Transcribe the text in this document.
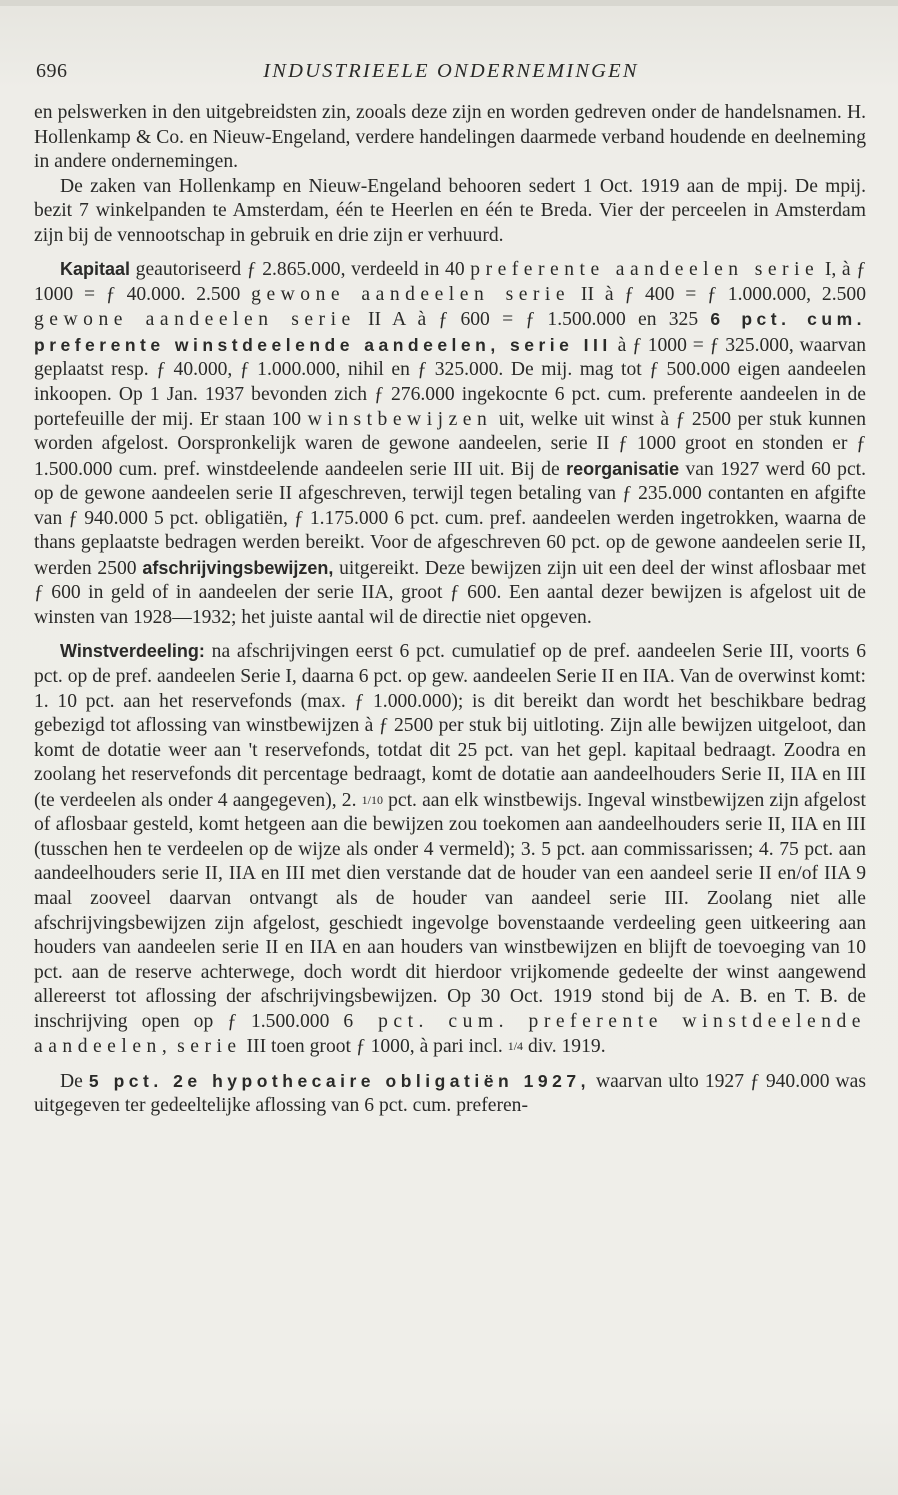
696	INDUSTRIEELE ONDERNEMINGEN

en pelswerken in den uitgebreidsten zin, zooals deze zijn en worden gedreven onder de handelsnamen. H. Hollenkamp & Co. en Nieuw-Engeland, verdere handelingen daarmede verband houdende en deelneming in andere ondernemingen.

De zaken van Hollenkamp en Nieuw-Engeland behooren sedert 1 Oct. 1919 aan de mpij. De mpij. bezit 7 winkelpanden te Amsterdam, één te Heerlen en één te Breda. Vier der perceelen in Amsterdam zijn bij de vennootschap in gebruik en drie zijn er verhuurd.

Kapitaal geautoriseerd ƒ 2.865.000, verdeeld in 40 preferente aandeelen serie I, à ƒ 1000 = ƒ 40.000. 2.500 gewone aandeelen serie II à ƒ 400 = ƒ 1.000.000, 2.500 gewone aandeelen serie II A à ƒ 600 = ƒ 1.500.000 en 325 6 pct. cum. preferente winstdeelende aandeelen, serie III à ƒ 1000 = ƒ 325.000, waarvan geplaatst resp. ƒ 40.000, ƒ 1.000.000, nihil en ƒ 325.000. De mij. mag tot ƒ 500.000 eigen aandeelen inkoopen. Op 1 Jan. 1937 bevonden zich ƒ 276.000 ingekocnte 6 pct. cum. preferente aandeelen in de portefeuille der mij. Er staan 100 winstbewijzen uit, welke uit winst à ƒ 2500 per stuk kunnen worden afgelost. Oorspronkelijk waren de gewone aandeelen, serie II ƒ 1000 groot en stonden er ƒ 1.500.000 cum. pref. winstdeelende aandeelen serie III uit. Bij de reorganisatie van 1927 werd 60 pct. op de gewone aandeelen serie II afgeschreven, terwijl tegen betaling van ƒ 235.000 contanten en afgifte van ƒ 940.000 5 pct. obligatiën, ƒ 1.175.000 6 pct. cum. pref. aandeelen werden ingetrokken, waarna de thans geplaatste bedragen werden bereikt. Voor de afgeschreven 60 pct. op de gewone aandeelen serie II, werden 2500 afschrijvingsbewijzen, uitgereikt. Deze bewijzen zijn uit een deel der winst aflosbaar met ƒ 600 in geld of in aandeelen der serie IIA, groot ƒ 600. Een aantal dezer bewijzen is afgelost uit de winsten van 1928—1932; het juiste aantal wil de directie niet opgeven.

Winstverdeeling: na afschrijvingen eerst 6 pct. cumulatief op de pref. aandeelen Serie III, voorts 6 pct. op de pref. aandeelen Serie I, daarna 6 pct. op gew. aandeelen Serie II en IIA. Van de overwinst komt: 1. 10 pct. aan het reservefonds (max. ƒ 1.000.000); is dit bereikt dan wordt het beschikbare bedrag gebezigd tot aflossing van winstbewijzen à ƒ 2500 per stuk bij uitloting. Zijn alle bewijzen uitgeloot, dan komt de dotatie weer aan 't reservefonds, totdat dit 25 pct. van het gepl. kapitaal bedraagt. Zoodra en zoolang het reservefonds dit percentage bedraagt, komt de dotatie aan aandeelhouders Serie II, IIA en III (te verdeelen als onder 4 aangegeven), 2. 1/10 pct. aan elk winstbewijs. Ingeval winstbewijzen zijn afgelost of aflosbaar gesteld, komt hetgeen aan die bewijzen zou toekomen aan aandeelhouders serie II, IIA en III (tusschen hen te verdeelen op de wijze als onder 4 vermeld); 3. 5 pct. aan commissarissen; 4. 75 pct. aan aandeelhouders serie II, IIA en III met dien verstande dat de houder van een aandeel serie II en/of IIA 9 maal zooveel daarvan ontvangt als de houder van aandeel serie III. Zoolang niet alle afschrijvingsbewijzen zijn afgelost, geschiedt ingevolge bovenstaande verdeeling geen uitkeering aan houders van aandeelen serie II en IIA en aan houders van winstbewijzen en blijft de toevoeging van 10 pct. aan de reserve achterwege, doch wordt dit hierdoor vrijkomende gedeelte der winst aangewend allereerst tot aflossing der afschrijvingsbewijzen. Op 30 Oct. 1919 stond bij de A. B. en T. B. de inschrijving open op ƒ 1.500.000 6 pct. cum. preferente winstdeelende aandeelen, serie III toen groot ƒ 1000, à pari incl. 1/4 div. 1919.

De 5 pct. 2e hypothecaire obligatiën 1927, waarvan ulto 1927 ƒ 940.000 was uitgegeven ter gedeeltelijke aflossing van 6 pct. cum. preferen-
